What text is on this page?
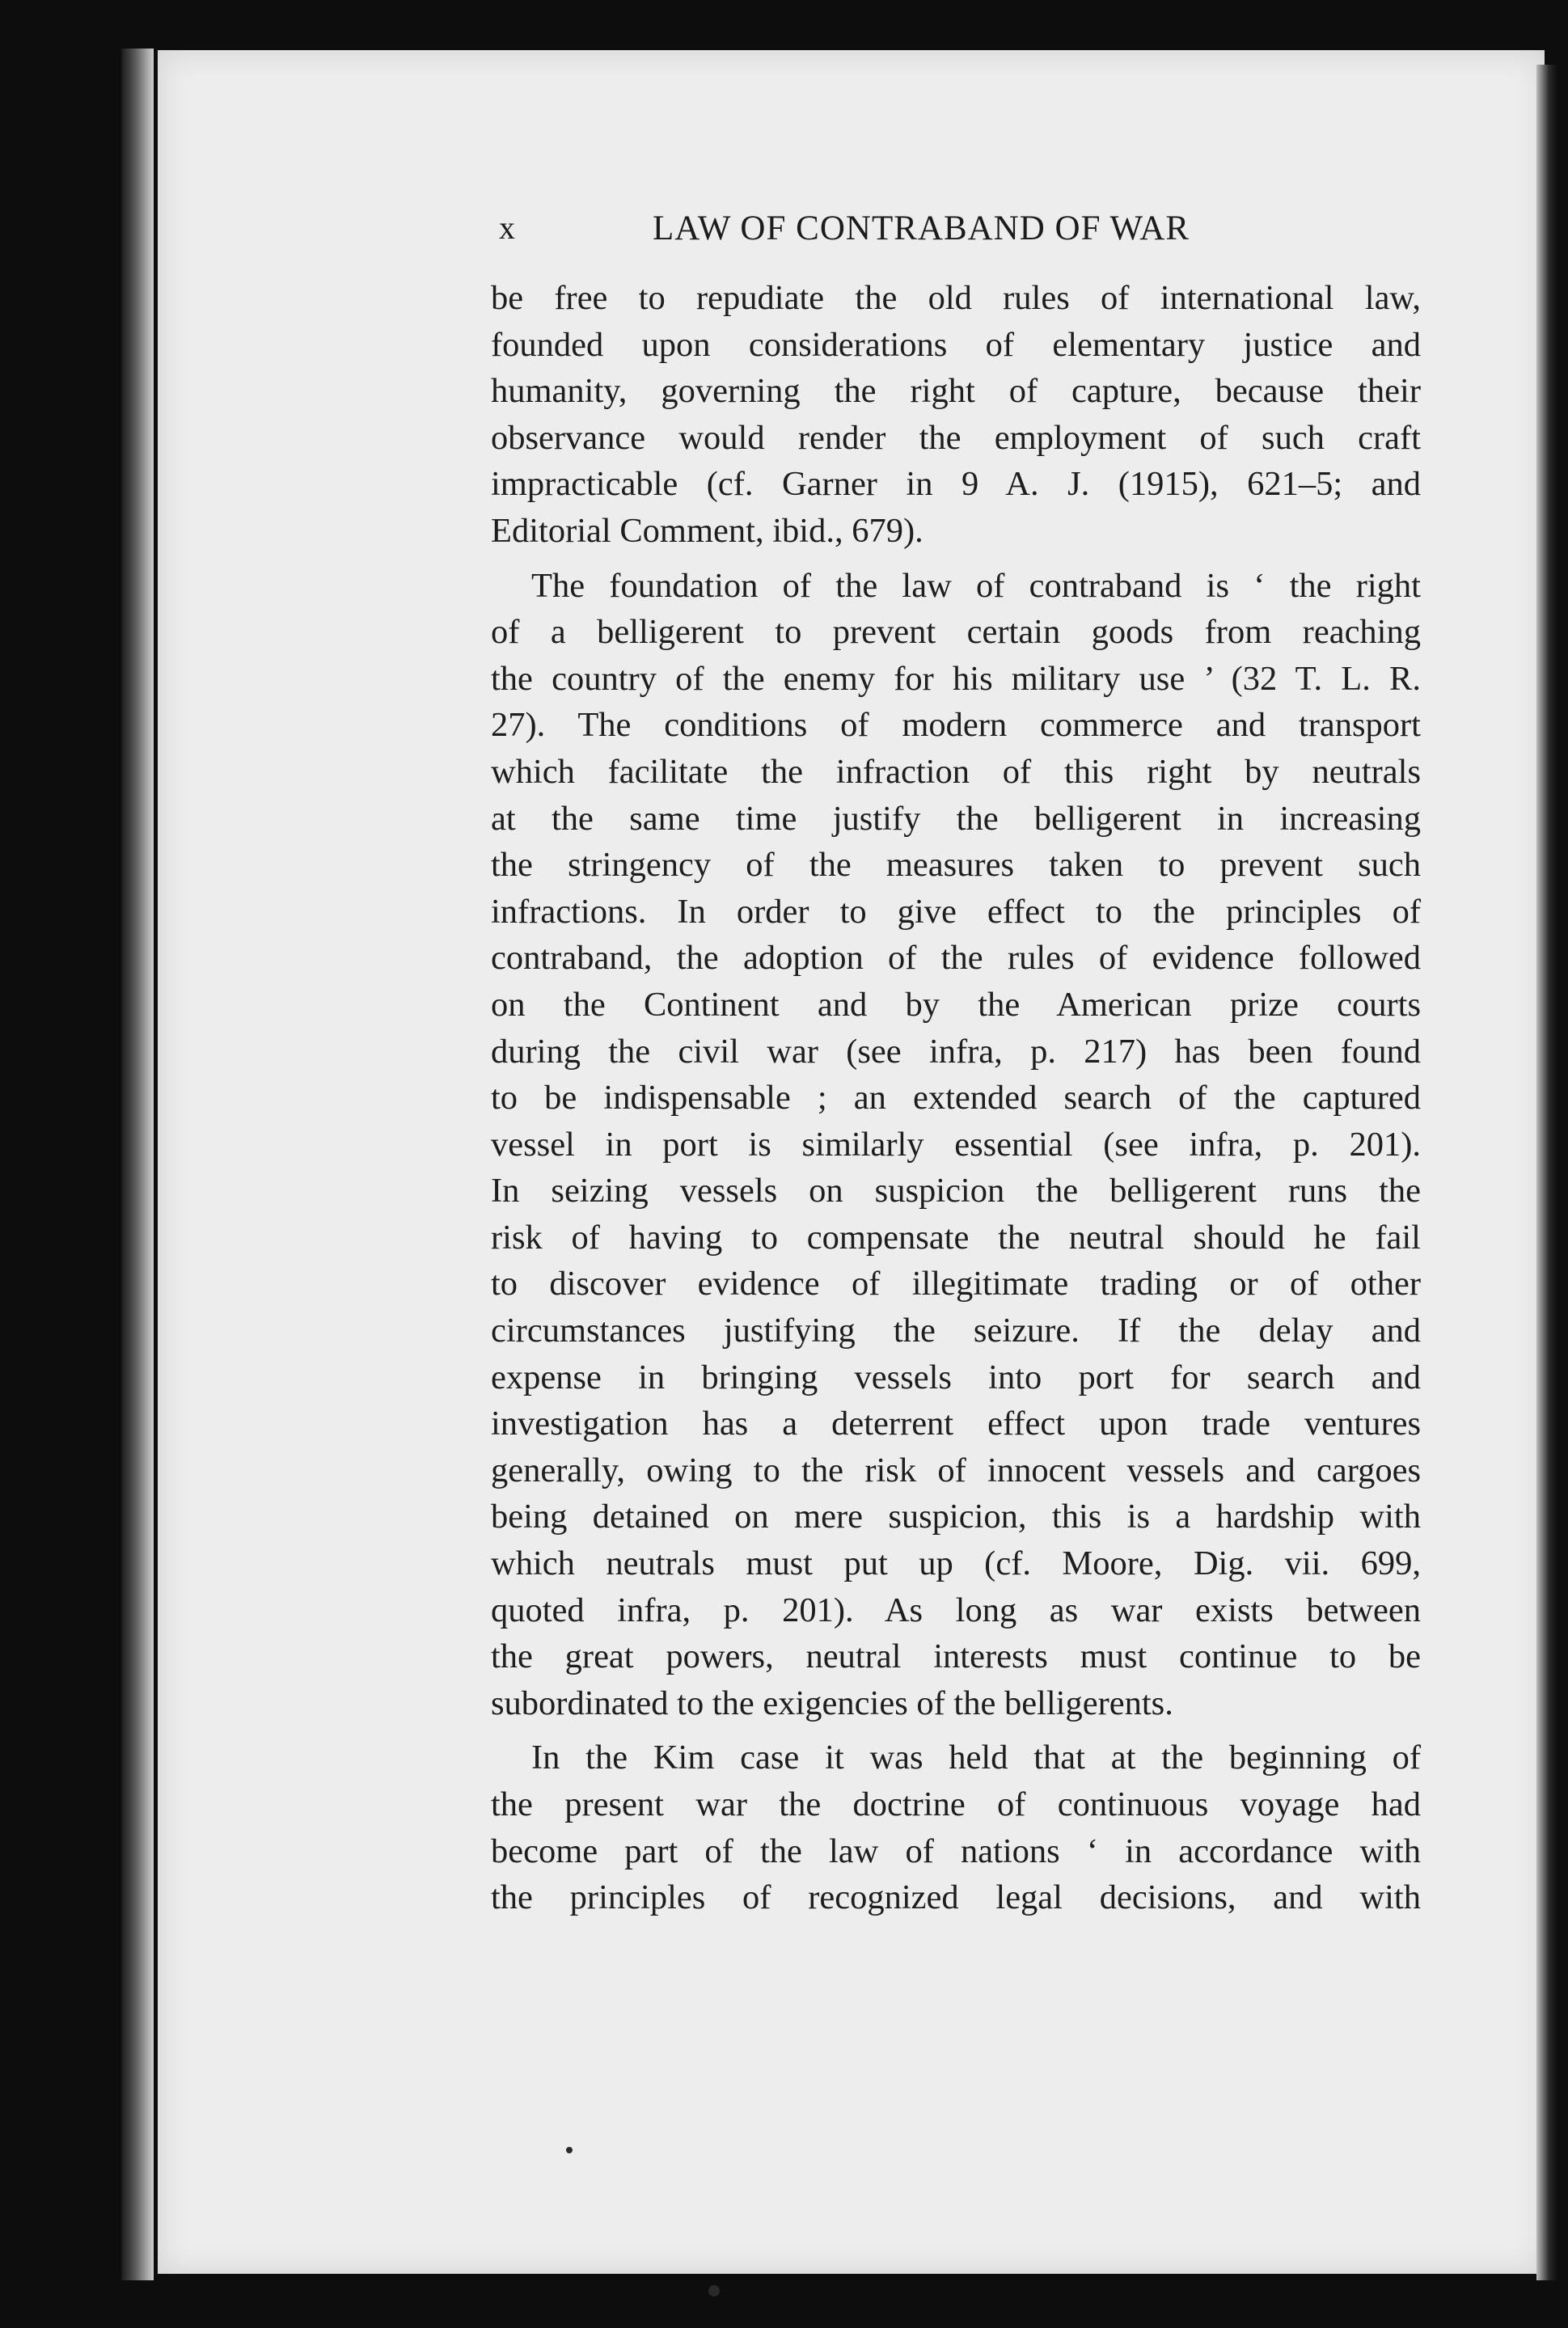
x	LAW OF CONTRABAND OF WAR
be free to repudiate the old rules of international law,
founded upon considerations of elementary justice and
humanity, governing the right of capture, because their
observance would render the employment of such craft
impracticable (cf. Garner in 9 A. J. (1915), 621–5; and
Editorial Comment, ibid., 679).
The foundation of the law of contraband is ‘ the right
of a belligerent to prevent certain goods from reaching
the country of the enemy for his military use ’ (32 T. L. R.
27). The conditions of modern commerce and transport
which facilitate the infraction of this right by neutrals
at the same time justify the belligerent in increasing
the stringency of the measures taken to prevent such
infractions. In order to give effect to the principles of
contraband, the adoption of the rules of evidence followed
on the Continent and by the American prize courts
during the civil war (see infra, p. 217) has been found
to be indispensable ; an extended search of the captured
vessel in port is similarly essential (see infra, p. 201).
In seizing vessels on suspicion the belligerent runs the
risk of having to compensate the neutral should he fail
to discover evidence of illegitimate trading or of other
circumstances justifying the seizure. If the delay and
expense in bringing vessels into port for search and
investigation has a deterrent effect upon trade ventures
generally, owing to the risk of innocent vessels and cargoes
being detained on mere suspicion, this is a hardship with
which neutrals must put up (cf. Moore, Dig. vii. 699,
quoted infra, p. 201). As long as war exists between
the great powers, neutral interests must continue to be
subordinated to the exigencies of the belligerents.
In the Kim case it was held that at the beginning of
the present war the doctrine of continuous voyage had
become part of the law of nations ‘ in accordance with
the principles of recognized legal decisions, and with
